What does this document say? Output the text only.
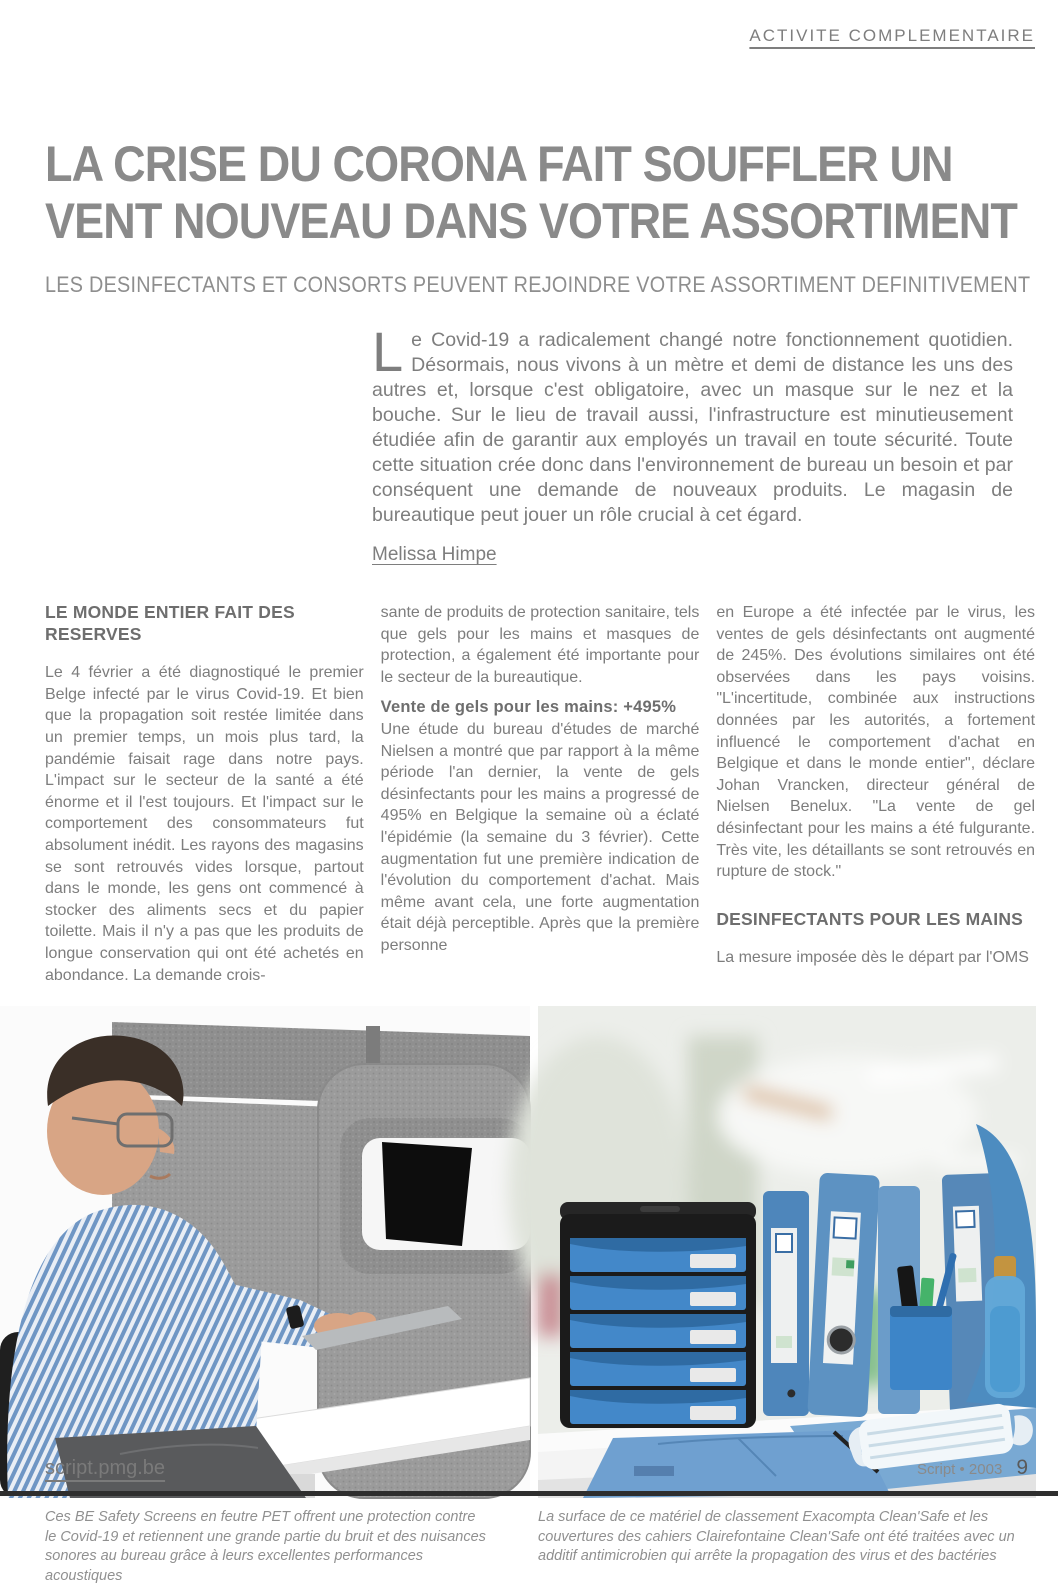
ACTIVITE COMPLEMENTAIRE
LA CRISE DU CORONA FAIT SOUFFLER UN
VENT NOUVEAU DANS VOTRE ASSORTIMENT
LES DESINFECTANTS ET CONSORTS PEUVENT REJOINDRE VOTRE ASSORTIMENT DEFINITIVEMENT
L e Covid-19 a radicalement changé notre fonctionnement quotidien. Désormais, nous vivons à un mètre et demi de distance les uns des autres et, lorsque c'est obligatoire, avec un masque sur le nez et la bouche. Sur le lieu de travail aussi, l'infrastructure est minutieusement étudiée afin de garantir aux employés un travail en toute sécurité. Toute cette situation crée donc dans l'environnement de bureau un besoin et par conséquent une demande de nouveaux produits. Le magasin de bureautique peut jouer un rôle crucial à cet égard.
Melissa Himpe
LE MONDE ENTIER FAIT DES RESERVES

Le 4 février a été diagnostiqué le premier Belge infecté par le virus Covid-19. Et bien que la propagation soit restée limitée dans un premier temps, un mois plus tard, la pandémie faisait rage dans notre pays. L'impact sur le secteur de la santé a été énorme et il l'est toujours. Et l'impact sur le comportement des consommateurs fut absolument inédit. Les rayons des magasins se sont retrouvés vides lorsque, partout dans le monde, les gens ont commencé à stocker des aliments secs et du papier toilette. Mais il n'y a pas que les produits de longue conservation qui ont été achetés en abondance. La demande crois-

sante de produits de protection sanitaire, tels que gels pour les mains et masques de protection, a également été importante pour le secteur de la bureautique.

Vente de gels pour les mains: +495%

Une étude du bureau d'études de marché Nielsen a montré que par rapport à la même période l'an dernier, la vente de gels désinfectants pour les mains a progressé de 495% en Belgique la semaine où a éclaté l'épidémie (la semaine du 3 février). Cette augmentation fut une première indication de l'évolution du comportement d'achat. Mais même avant cela, une forte augmentation était déjà perceptible. Après que la première personne

en Europe a été infectée par le virus, les ventes de gels désinfectants ont augmenté de 245%. Des évolutions similaires ont été observées dans les pays voisins. "L'incertitude, combinée aux instructions données par les autorités, a fortement influencé le comportement d'achat en Belgique et dans le monde entier", déclare Johan Vrancken, directeur général de Nielsen Benelux. "La vente de gel désinfectant pour les mains a été fulgurante. Très vite, les détaillants se sont retrouvés en rupture de stock."

DESINFECTANTS POUR LES MAINS

La mesure imposée dès le départ par l'OMS

Ces BE Safety Screens en feutre PET offrent une protection contre le Covid-19 et retiennent une grande partie du bruit et des nuisances sonores au bureau grâce à leurs excellentes performances acoustiques
La surface de ce matériel de classement Exacompta Clean'Safe et les couvertures des cahiers Clairefontaine Clean'Safe ont été traitées avec un additif antimicrobien qui arrête la propagation des virus et des bactéries
script.pmg.be	Script • 2003 9
